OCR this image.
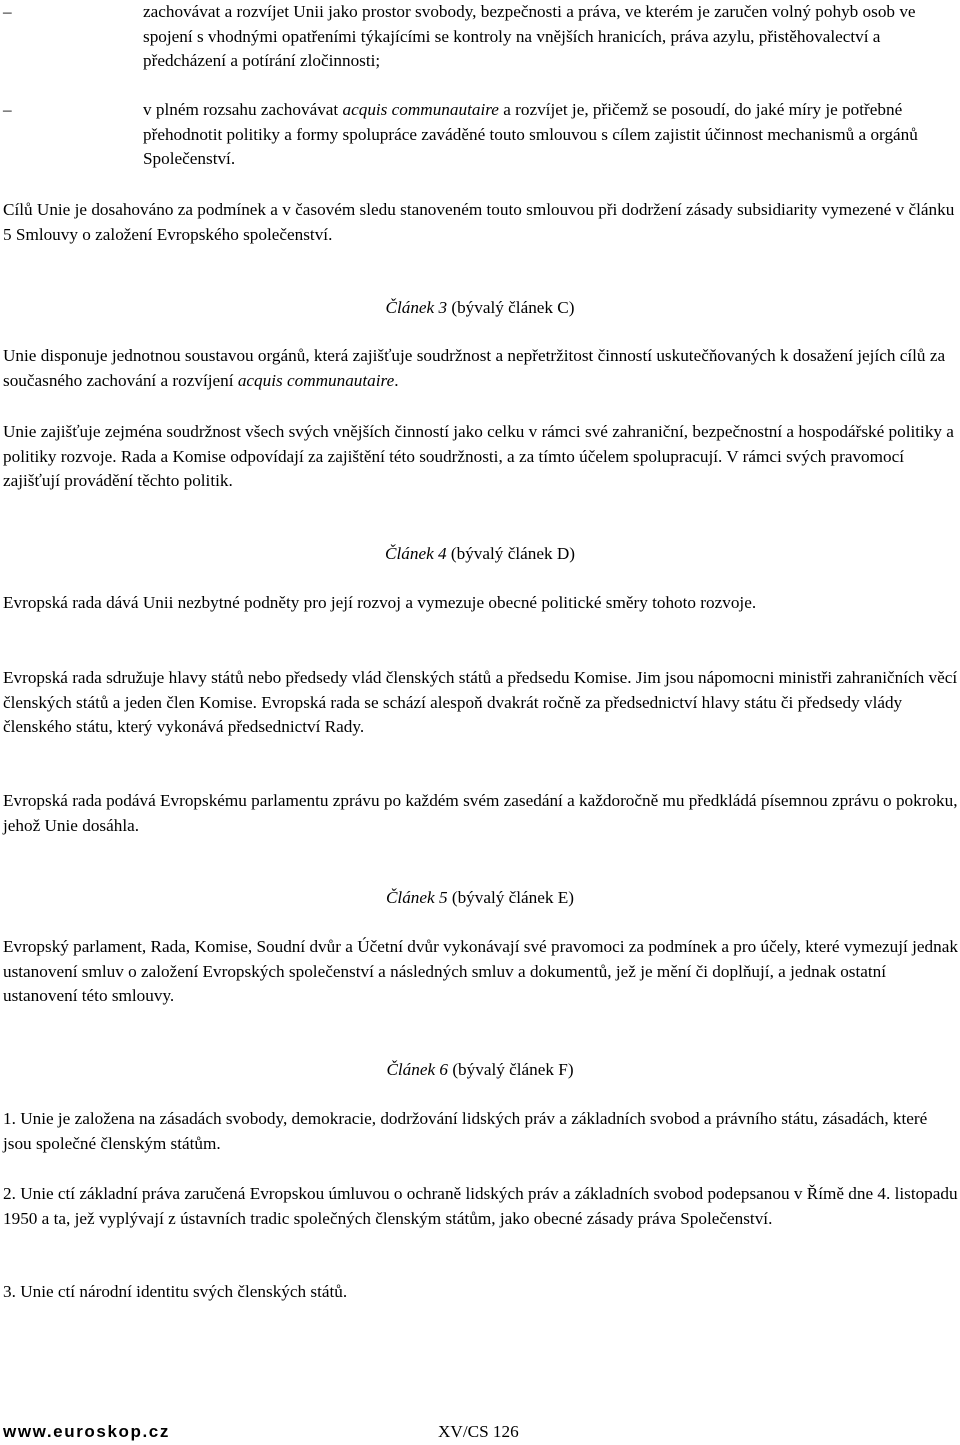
–	zachovávat a rozvíjet Unii jako prostor svobody, bezpečnosti a práva, ve kterém je zaručen volný pohyb osob ve spojení s vhodnými opatřeními týkajícími se kontroly na vnějších hranicích, práva azylu, přistěhovalectví a předcházení a potírání zločinnosti;
–	v plném rozsahu zachovávat acquis communautaire a rozvíjet je, přičemž se posoudí, do jaké míry je potřebné přehodnotit politiky a formy spolupráce zaváděné touto smlouvou s cílem zajistit účinnost mechanismů a orgánů Společenství.
Cílů Unie je dosahováno za podmínek a v časovém sledu stanoveném touto smlouvou při dodržení zásady subsidiarity vymezené v článku 5 Smlouvy o založení Evropského společenství.
Článek 3 (bývalý článek C)
Unie disponuje jednotnou soustavou orgánů, která zajišťuje soudržnost a nepřetržitost činností uskutečňovaných k dosažení jejích cílů za současného zachování a rozvíjení acquis communautaire.
Unie zajišťuje zejména soudržnost všech svých vnějších činností jako celku v rámci své zahraniční, bezpečnostní a hospodářské politiky a politiky rozvoje. Rada a Komise odpovídají za zajištění této soudržnosti, a za tímto účelem spolupracují. V rámci svých pravomocí zajišťují provádění těchto politik.
Článek 4 (bývalý článek D)
Evropská rada dává Unii nezbytné podněty pro její rozvoj a vymezuje obecné politické směry tohoto rozvoje.
Evropská rada sdružuje hlavy států nebo předsedy vlád členských států a předsedu Komise. Jim jsou nápomocni ministři zahraničních věcí členských států a jeden člen Komise. Evropská rada se schází alespoň dvakrát ročně za předsednictví hlavy státu či předsedy vlády členského státu, který vykonává předsednictví Rady.
Evropská rada podává Evropskému parlamentu zprávu po každém svém zasedání a každoročně mu předkládá písemnou zprávu o pokroku, jehož Unie dosáhla.
Článek 5 (bývalý článek E)
Evropský parlament, Rada, Komise, Soudní dvůr a Účetní dvůr vykonávají své pravomoci za podmínek a pro účely, které vymezují jednak ustanovení smluv o založení Evropských společenství a následných smluv a dokumentů, jež je mění či doplňují, a jednak ostatní ustanovení této smlouvy.
Článek 6 (bývalý článek F)
1. Unie je založena na zásadách svobody, demokracie, dodržování lidských práv a základních svobod a právního státu, zásadách, které jsou společné členským státům.
2. Unie ctí základní práva zaručená Evropskou úmluvou o ochraně lidských práv a základních svobod podepsanou v Římě dne 4. listopadu 1950 a ta, jež vyplývají z ústavních tradic společných členským státům, jako obecné zásady práva Společenství.
3. Unie ctí národní identitu svých členských států.
www.euroskop.cz	XV/CS 126
